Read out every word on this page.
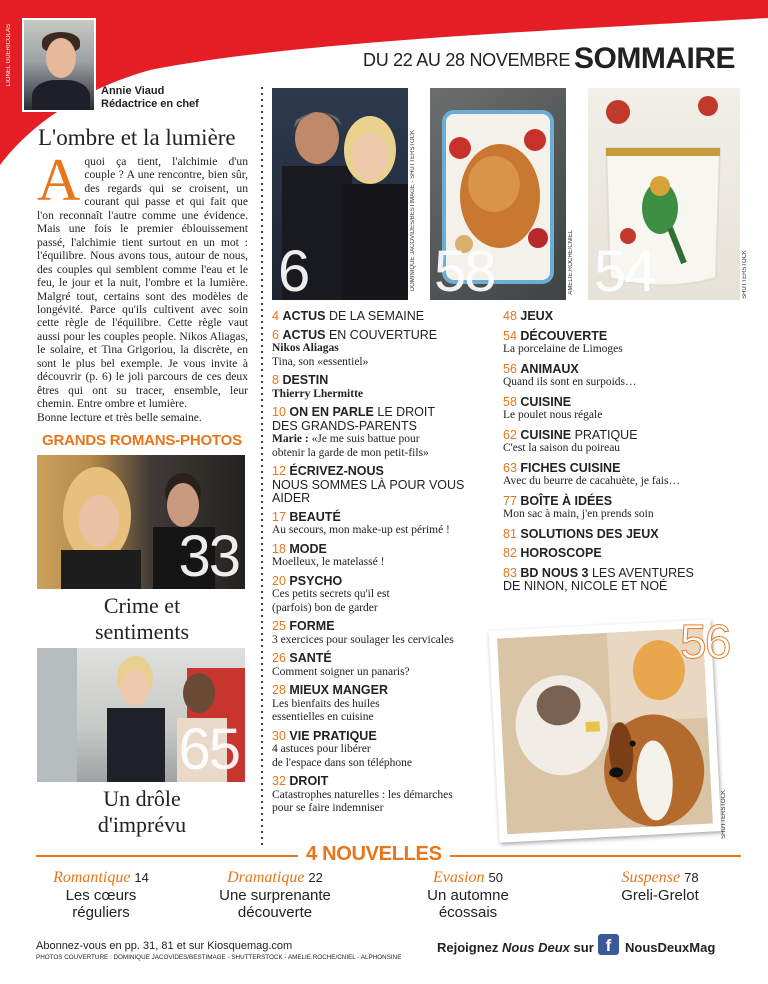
LIONEL GUERICOLAS
Annie Viaud
Rédactrice en chef
DU 22 AU 28 NOVEMBRE SOMMAIRE
L'ombre et la lumière
Aquoi ça tient, l'alchimie d'un couple ? A une rencontre, bien sûr, des regards qui se croisent, un courant qui passe et qui fait que l'on reconnaît l'autre comme une évidence. Mais une fois le premier éblouissement passé, l'alchimie tient surtout en un mot : l'équilibre. Nous avons tous, autour de nous, des couples qui semblent comme l'eau et le feu, le jour et la nuit, l'ombre et la lumière. Malgré tout, certains sont des modèles de longévité. Parce qu'ils cultivent avec soin cette règle de l'équilibre. Cette règle vaut aussi pour les couples people. Nikos Aliagas, le solaire, et Tina Grigoriou, la discrète, en sont le plus bel exemple. Je vous invite à découvrir (p. 6) le joli parcours de ces deux êtres qui ont su tracer, ensemble, leur chemin. Entre ombre et lumière.
Bonne lecture et très belle semaine.
GRANDS ROMANS-PHOTOS
33
Crime et
sentiments
65
Un drôle
d'imprévu
6	DOMINIQUE JACOVIDES/BESTIMAGE - SHUTTERSTOCK 58	AMELIE.ROCHE/CNIEL 54	SHUTTERSTOCK
4 ACTUS DE LA SEMAINE
6 ACTUS EN COUVERTURE
Nikos Aliagas
Tina, son «essentiel»
8 DESTIN
Thierry Lhermitte
10 ON EN PARLE LE DROIT
DES GRANDS-PARENTS
Marie : «Je me suis battue pour
obtenir la garde de mon petit-fils»
12 ÉCRIVEZ-NOUS
NOUS SOMMES LÀ POUR VOUS AIDER
17 BEAUTÉ
Au secours, mon make-up est périmé !
18 MODE
Moelleux, le matelassé !
20 PSYCHO
Ces petits secrets qu'il est
(parfois) bon de garder
25 FORME
3 exercices pour soulager les cervicales
26 SANTÉ
Comment soigner un panaris?
28 MIEUX MANGER
Les bienfaits des huiles
essentielles en cuisine
30 VIE PRATIQUE
4 astuces pour libérer
de l'espace dans son téléphone
32 DROIT
Catastrophes naturelles : les démarches
pour se faire indemniser
48 JEUX
54 DÉCOUVERTE
La porcelaine de Limoges
56 ANIMAUX
Quand ils sont en surpoids…
58 CUISINE
Le poulet nous régale
62 CUISINE PRATIQUE
C'est la saison du poireau
63 FICHES CUISINE
Avec du beurre de cacahuète, je fais…
77 BOÎTE À IDÉES
Mon sac à main, j'en prends soin
81 SOLUTIONS DES JEUX
82 HOROSCOPE
83 BD NOUS 3 LES AVENTURES
DE NINON, NICOLE ET NOÉ
56
SHUTTERSTOCK
4 NOUVELLES
Romantique 14
Les cœurs
réguliers
Dramatique 22
Une surprenante
découverte
Evasion 50
Un automne
écossais
Suspense 78
Greli-Grelot
Abonnez-vous en pp. 31, 81 et sur Kiosquemag.com
PHOTOS COUVERTURE : DOMINIQUE JACOVIDES/BESTIMAGE - SHUTTERSTOCK - AMELIE.ROCHE/CNIEL - ALPHONSINE
Rejoignez Nous Deux sur f	NousDeuxMag
